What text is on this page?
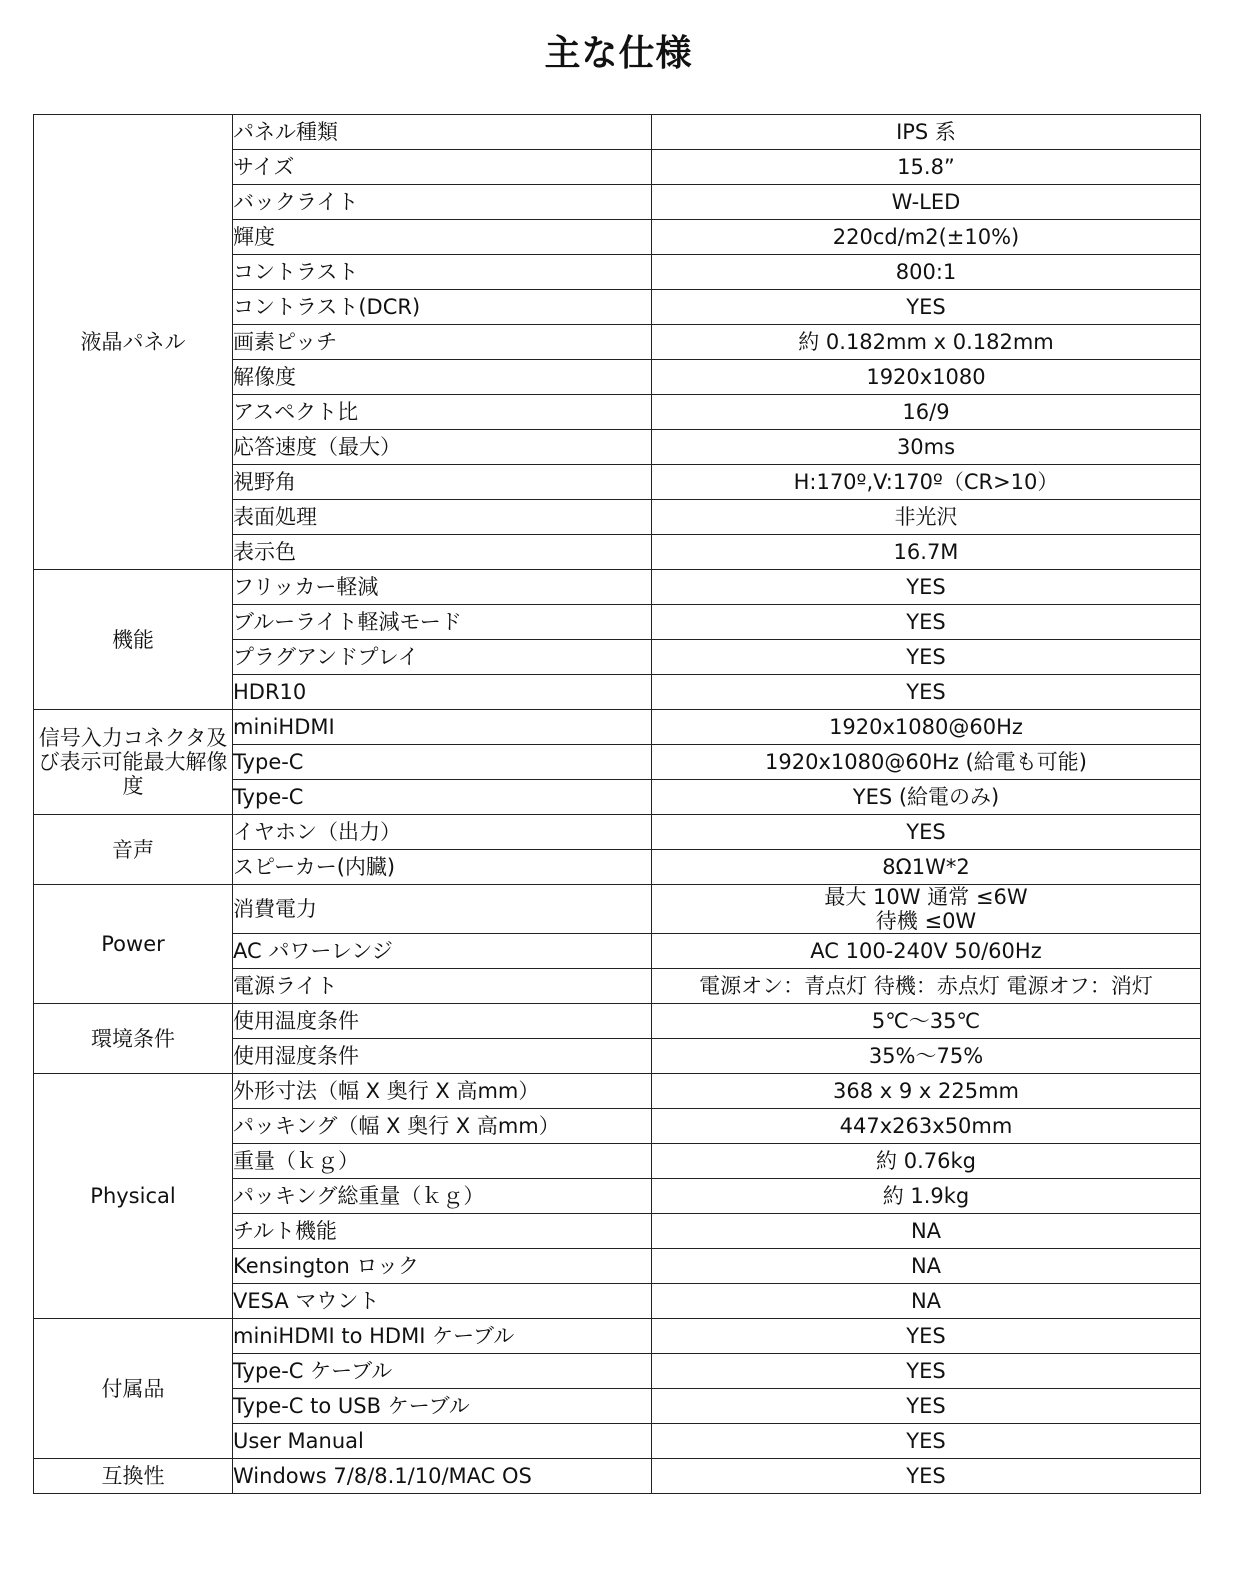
主な仕様
液晶パネル	パネル種類	IPS 系
	サイズ	15.8”
	バックライト	W-LED
	輝度	220cd/m2(±10%)
	コントラスト	800:1
	コントラスト(DCR)	YES
	画素ピッチ	約 0.182mm x 0.182mm
	解像度	1920x1080
	アスペクト比	16/9
	応答速度（最大）	30ms
	視野角	H:170º,V:170º（CR>10）
	表面処理	非光沢
	表示色	16.7M
機能	フリッカー軽減	YES
	ブルーライト軽減モード	YES
	プラグアンドプレイ	YES
	HDR10	YES
信号入力コネクタ及び表示可能最大解像度	miniHDMI	1920x1080@60Hz
	Type-C	1920x1080@60Hz (給電も可能)
	Type-C	YES (給電のみ)
音声	イヤホン（出力）	YES
	スピーカー(内臓)	8Ω1W*2
Power	消費電力	最大 10W 通常 ≤6W
待機 ≤0W

	AC パワーレンジ	AC 100-240V 50/60Hz
	電源ライト	電源オン：青点灯 待機：赤点灯 電源オフ：消灯
環境条件	使用温度条件	5℃～35℃
	使用湿度条件	35%～75%
Physical	外形寸法（幅 X 奥行 X 高mm）	368 x 9 x 225mm
	パッキング（幅 X 奥行 X 高mm）	447x263x50mm
	重量（ｋｇ）	約 0.76kg
	パッキング総重量（ｋｇ）	約 1.9kg
	チルト機能	NA
	Kensington ロック	NA
	VESA マウント	NA
付属品	miniHDMI to HDMI ケーブル	YES
	Type-C ケーブル	YES
	Type-C to USB ケーブル	YES
	User Manual	YES
互換性	Windows 7/8/8.1/10/MAC OS	YES
